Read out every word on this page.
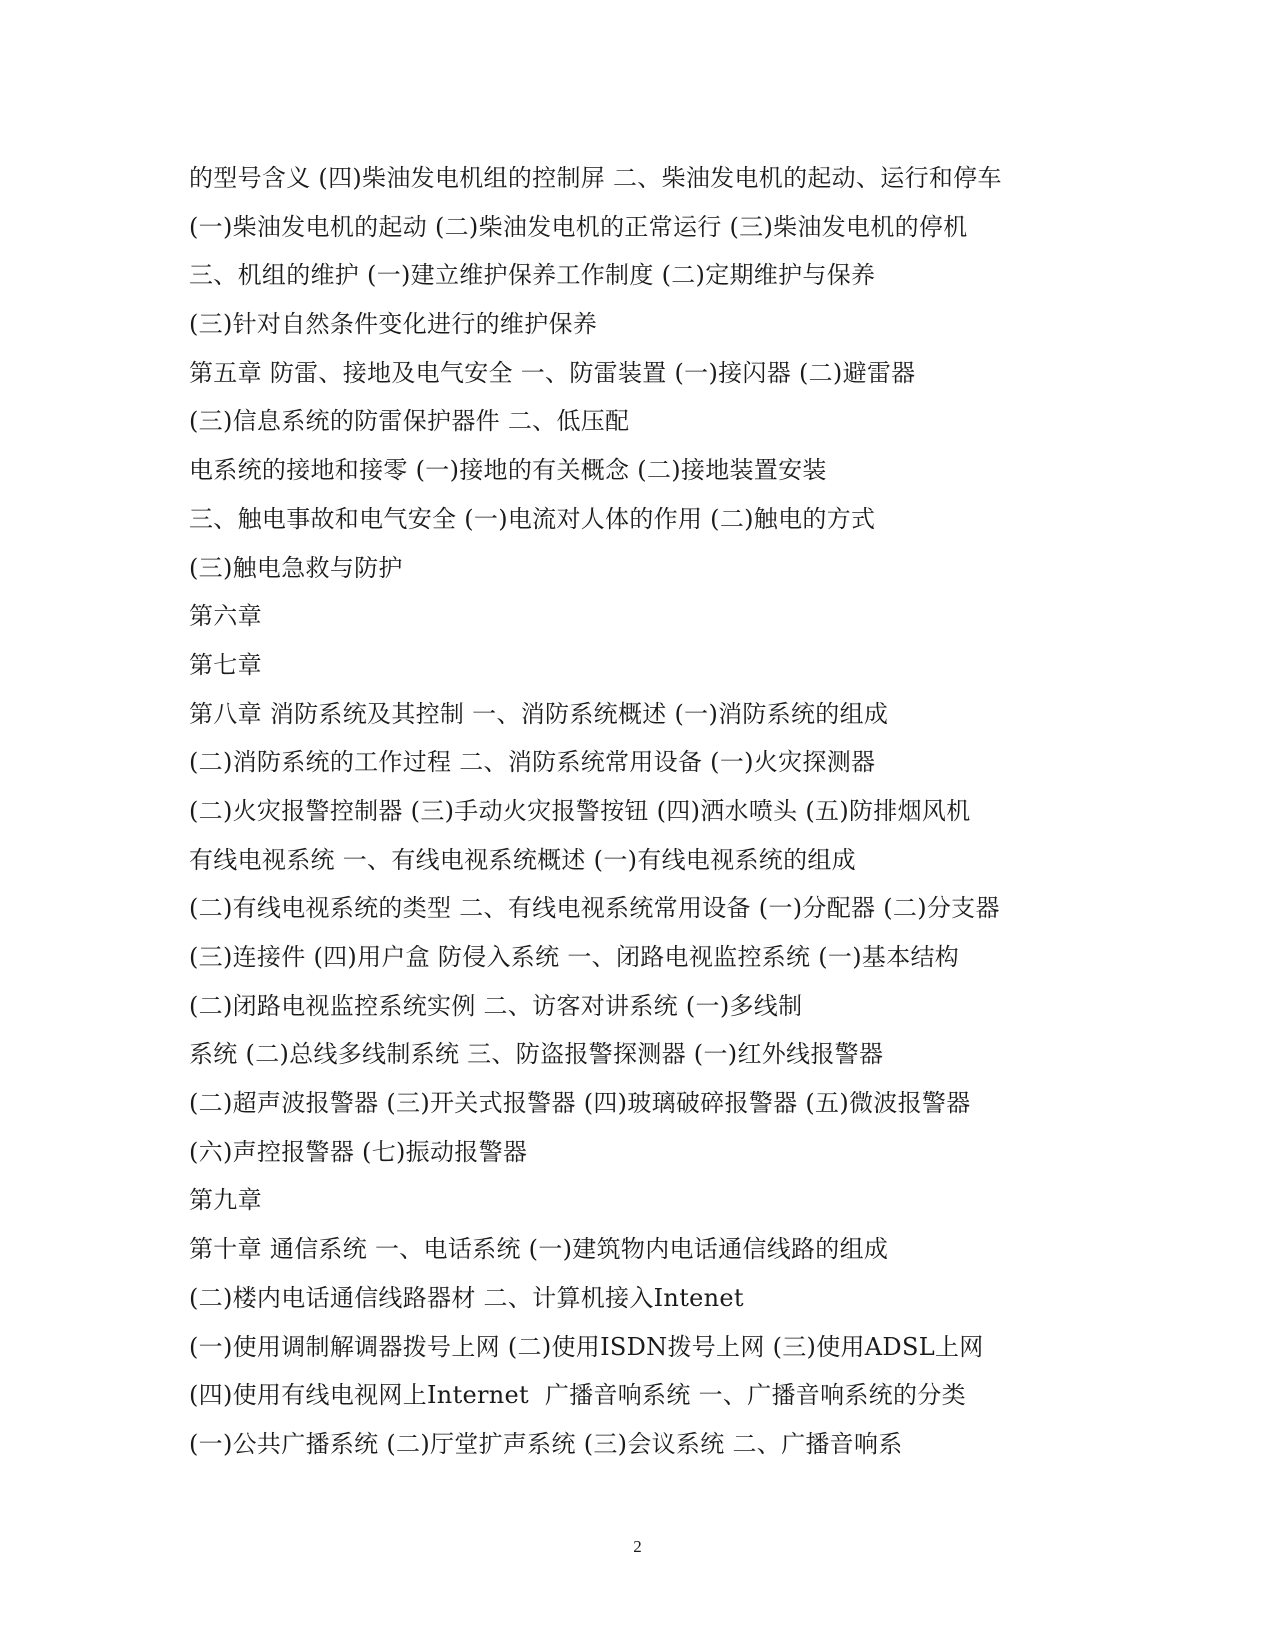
的型号含义 (四)柴油发电机组的控制屏 二、柴油发电机的起动、运行和停车
(一)柴油发电机的起动 (二)柴油发电机的正常运行 (三)柴油发电机的停机
三、机组的维护 (一)建立维护保养工作制度 (二)定期维护与保养
(三)针对自然条件变化进行的维护保养
第五章 防雷、接地及电气安全 一、防雷装置 (一)接闪器 (二)避雷器
(三)信息系统的防雷保护器件 二、低压配
电系统的接地和接零 (一)接地的有关概念 (二)接地装置安装
三、触电事故和电气安全 (一)电流对人体的作用 (二)触电的方式
(三)触电急救与防护
第六章
第七章
第八章 消防系统及其控制 一、消防系统概述 (一)消防系统的组成
(二)消防系统的工作过程 二、消防系统常用设备 (一)火灾探测器
(二)火灾报警控制器 (三)手动火灾报警按钮 (四)洒水喷头 (五)防排烟风机
有线电视系统 一、有线电视系统概述 (一)有线电视系统的组成
(二)有线电视系统的类型 二、有线电视系统常用设备 (一)分配器 (二)分支器
(三)连接件 (四)用户盒 防侵入系统 一、闭路电视监控系统 (一)基本结构
(二)闭路电视监控系统实例 二、访客对讲系统 (一)多线制
系统 (二)总线多线制系统 三、防盗报警探测器 (一)红外线报警器
(二)超声波报警器 (三)开关式报警器 (四)玻璃破碎报警器 (五)微波报警器
(六)声控报警器 (七)振动报警器
第九章
第十章 通信系统 一、电话系统 (一)建筑物内电话通信线路的组成
(二)楼内电话通信线路器材 二、计算机接入Intenet
(一)使用调制解调器拨号上网 (二)使用ISDN拨号上网 (三)使用ADSL上网
(四)使用有线电视网上Internet  广播音响系统 一、广播音响系统的分类
(一)公共广播系统 (二)厅堂扩声系统 (三)会议系统 二、广播音响系
2
